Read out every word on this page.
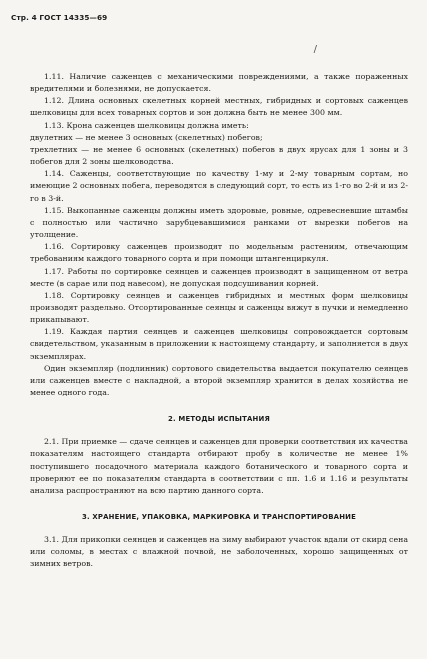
Стр. 4 ГОСТ 14335—69
/

1.11. Наличие саженцев с механическими повреждениями, а также пораженных вредителями и болезнями, не допускается.

1.12. Длина основных скелетных корней местных, гибридных и сортовых саженцев шелковицы для всех товарных сортов и зон должна быть не менее 300 мм.

1.13. Крона саженцев шелковицы должна иметь:

двулетних — не менее 3 основных (скелетных) побегов;
трехлетних — не менее 6 основных (скелетных) побегов в двух ярусах для 1 зоны и 3 побегов для 2 зоны шелководства.

1.14. Саженцы, соответствующие по качеству 1-му и 2-му товарным сортам, но имеющие 2 основных побега, переводятся в следующий сорт, то есть из 1-го во 2-й и из 2-го в 3-й.

1.15. Выкопанные саженцы должны иметь здоровые, ровные, одревесневшие штамбы с полностью или частично зарубцевавшимися ранками от вырезки побегов на утолщение.

1.16. Сортировку саженцев производят по модельным растениям, отвечающим требованиям каждого товарного сорта и при помощи штангенциркуля.

1.17. Работы по сортировке сеянцев и саженцев производят в защищенном от ветра месте (в сарае или под навесом), не допуская подсушивания корней.

1.18. Сортировку сеянцев и саженцев гибридных и местных форм шелковицы производят раздельно. Отсортированные сеянцы и саженцы вяжут в пучки и немедленно прикапывают.

1.19. Каждая партия сеянцев и саженцев шелковицы сопровождается сортовым свидетельством, указанным в приложении к настоящему стандарту, и заполняется в двух экземплярах.

Один экземпляр (подлинник) сортового свидетельства выдается покупателю сеянцев или саженцев вместе с накладной, а второй экземпляр хранится в делах хозяйства не менее одного года.

2. МЕТОДЫ ИСПЫТАНИЯ

2.1. При приемке — сдаче сеянцев и саженцев для проверки соответствия их качества показателям настоящего стандарта отбирают пробу в количестве не менее 1% поступившего посадочного материала каждого ботанического и товарного сорта и проверяют ее по показателям стандарта в соответствии с пп. 1.6 и 1.16 и результаты анализа распространяют на всю партию данного сорта.

3. ХРАНЕНИЕ, УПАКОВКА, МАРКИРОВКА И ТРАНСПОРТИРОВАНИЕ

3.1. Для прикопки сеянцев и саженцев на зиму выбирают участок вдали от скирд сена или соломы, в местах с влажной почвой, не заболоченных, хорошо защищенных от зимних ветров.
